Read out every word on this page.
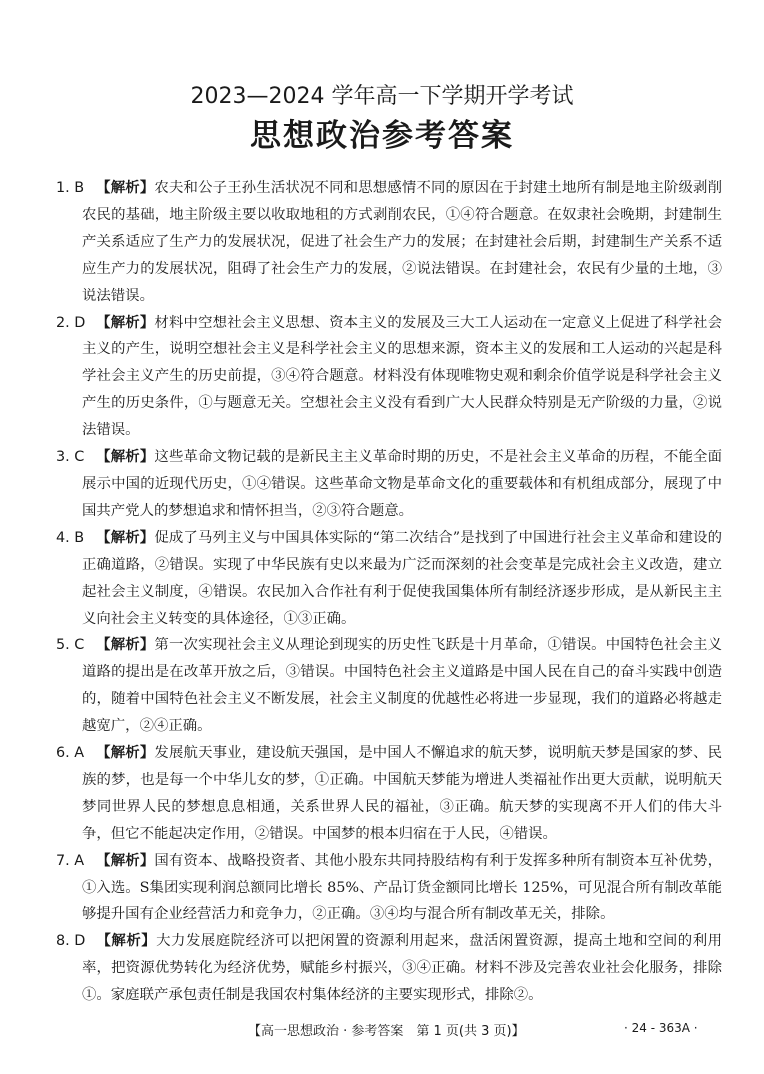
2023—2024 学年高一下学期开学考试
思想政治参考答案
1. B 【解析】农夫和公子王孙生活状况不同和思想感情不同的原因在于封建土地所有制是地主阶级剥削农民的基础，地主阶级主要以收取地租的方式剥削农民，①④符合题意。在奴隶社会晚期，封建制生产关系适应了生产力的发展状况，促进了社会生产力的发展；在封建社会后期，封建制生产关系不适应生产力的发展状况，阻碍了社会生产力的发展，②说法错误。在封建社会，农民有少量的土地，③说法错误。
2. D 【解析】材料中空想社会主义思想、资本主义的发展及三大工人运动在一定意义上促进了科学社会主义的产生，说明空想社会主义是科学社会主义的思想来源，资本主义的发展和工人运动的兴起是科学社会主义产生的历史前提，③④符合题意。材料没有体现唯物史观和剩余价值学说是科学社会主义产生的历史条件，①与题意无关。空想社会主义没有看到广大人民群众特别是无产阶级的力量，②说法错误。
3. C 【解析】这些革命文物记载的是新民主主义革命时期的历史，不是社会主义革命的历程，不能全面展示中国的近现代历史，①④错误。这些革命文物是革命文化的重要载体和有机组成部分，展现了中国共产党人的梦想追求和情怀担当，②③符合题意。
4. B 【解析】促成了马列主义与中国具体实际的“第二次结合”是找到了中国进行社会主义革命和建设的正确道路，②错误。实现了中华民族有史以来最为广泛而深刻的社会变革是完成社会主义改造，建立起社会主义制度，④错误。农民加入合作社有利于促使我国集体所有制经济逐步形成，是从新民主主义向社会主义转变的具体途径，①③正确。
5. C 【解析】第一次实现社会主义从理论到现实的历史性飞跃是十月革命，①错误。中国特色社会主义道路的提出是在改革开放之后，③错误。中国特色社会主义道路是中国人民在自己的奋斗实践中创造的，随着中国特色社会主义不断发展，社会主义制度的优越性必将进一步显现，我们的道路必将越走越宽广，②④正确。
6. A 【解析】发展航天事业，建设航天强国，是中国人不懈追求的航天梦，说明航天梦是国家的梦、民族的梦，也是每一个中华儿女的梦，①正确。中国航天梦能为增进人类福祉作出更大贡献，说明航天梦同世界人民的梦想息息相通，关系世界人民的福祉，③正确。航天梦的实现离不开人们的伟大斗争，但它不能起决定作用，②错误。中国梦的根本归宿在于人民，④错误。
7. A 【解析】国有资本、战略投资者、其他小股东共同持股结构有利于发挥多种所有制资本互补优势，①入选。S集团实现利润总额同比增长 85%、产品订货金额同比增长 125%，可见混合所有制改革能够提升国有企业经营活力和竞争力，②正确。③④均与混合所有制改革无关，排除。
8. D 【解析】大力发展庭院经济可以把闲置的资源利用起来，盘活闲置资源，提高土地和空间的利用率，把资源优势转化为经济优势，赋能乡村振兴，③④正确。材料不涉及完善农业社会化服务，排除①。家庭联产承包责任制是我国农村集体经济的主要实现形式，排除②。
【高一思想政治 · 参考答案　第 1 页(共 3 页)】	· 24 - 363A ·
